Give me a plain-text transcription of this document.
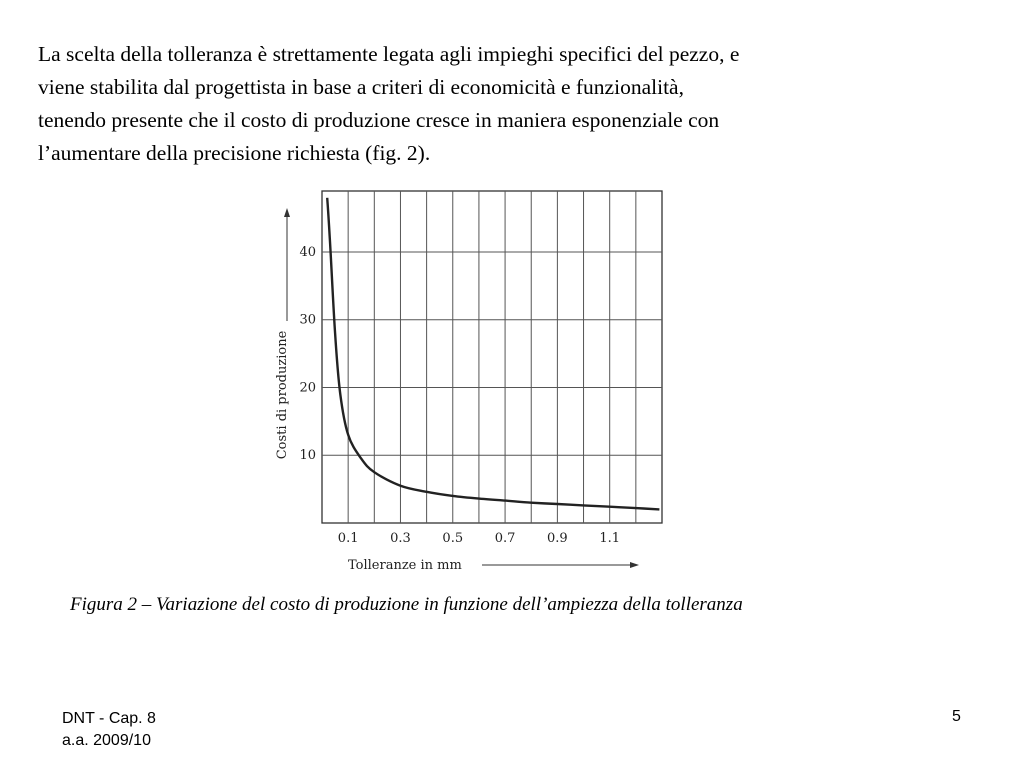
La scelta della tolleranza è strettamente legata agli impieghi specifici del pezzo, e
viene stabilita dal progettista in base a criteri di economicità e funzionalità,
tenendo presente che il costo di produzione cresce in maniera esponenziale con
l’aumentare della precisione richiesta (fig. 2).
10
20
30
40
0.1 0.3 0.5 0.7 0.9 1.1
Costi di produzione
Tolleranze in mm
Figura 2 – Variazione del costo di produzione in funzione dell’ampiezza della tolleranza
DNT - Cap. 8
a.a. 2009/10
5
